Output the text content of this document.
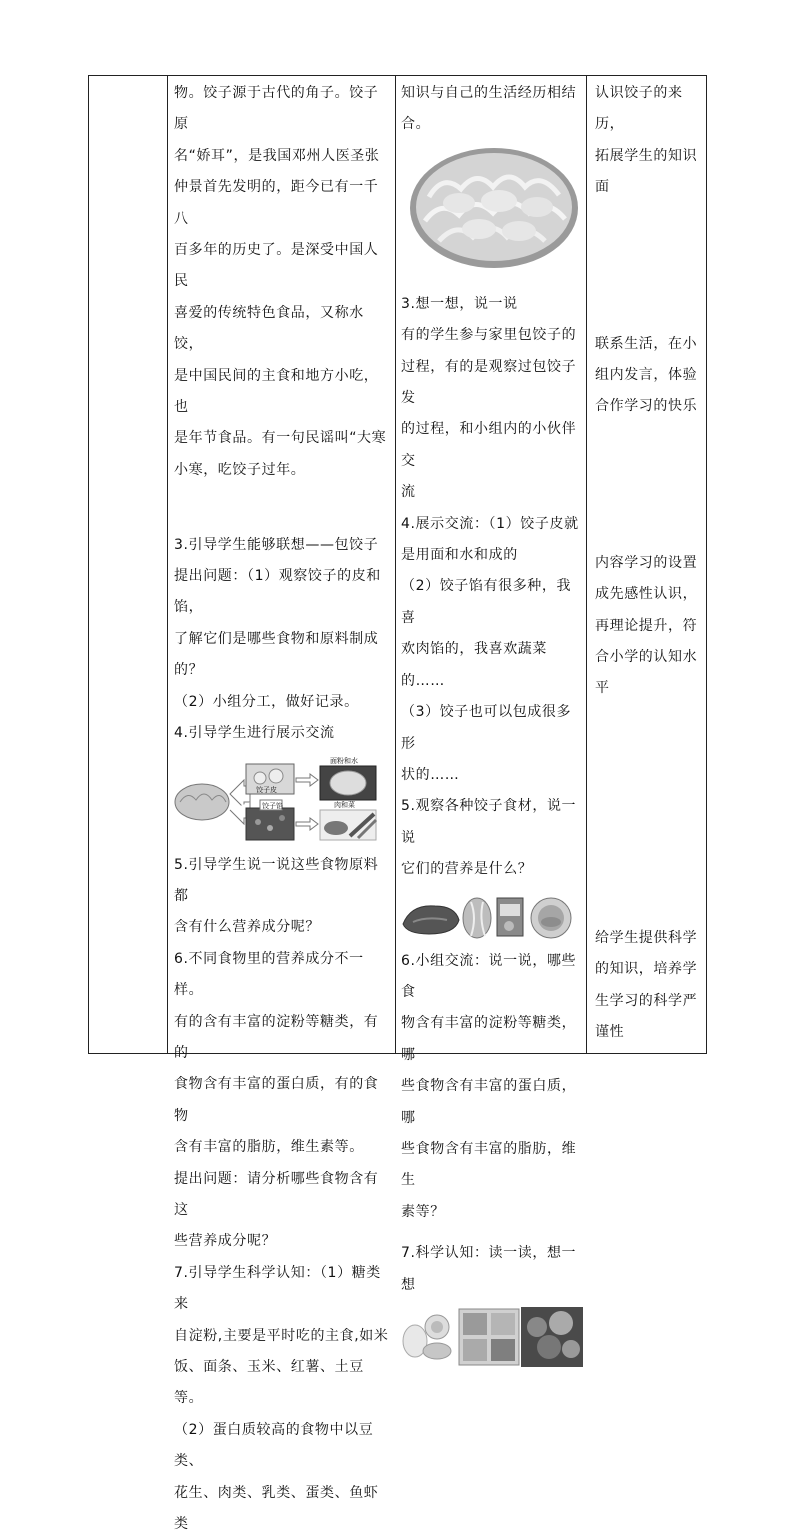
物。饺子源于古代的角子。饺子原

名“娇耳”，是我国邓州人医圣张

仲景首先发明的，距今已有一千八

百多年的历史了。是深受中国人民

喜爱的传统特色食品，又称水饺，

是中国民间的主食和地方小吃，也

是年节食品。有一句民谣叫“大寒

小寒，吃饺子过年。

3.引导学生能够联想——包饺子

提出问题：（1）观察饺子的皮和馅，

了解它们是哪些食物和原料制成

的？

（2）小组分工，做好记录。

4.引导学生进行展示交流

饺子皮
饺子馅
面粉和水
肉和菜

5.引导学生说一说这些食物原料都

含有什么营养成分呢？

6.不同食物里的营养成分不一样。

有的含有丰富的淀粉等糖类，有的

食物含有丰富的蛋白质，有的食物

含有丰富的脂肪，维生素等。

提出问题：请分析哪些食物含有这

些营养成分呢？

7.引导学生科学认知：（1）糖类来

自淀粉,主要是平时吃的主食,如米

饭、面条、玉米、红薯、土豆等。

（2）蛋白质较高的食物中以豆类、

花生、肉类、乳类、蛋类、鱼虾类

知识与自己的生活经历相结

合。

3.想一想，说一说

有的学生参与家里包饺子的

过程，有的是观察过包饺子发

的过程，和小组内的小伙伴交

流

4.展示交流：（1）饺子皮就

是用面和水和成的

（2）饺子馅有很多种，我喜

欢肉馅的，我喜欢蔬菜的……

（3）饺子也可以包成很多形

状的……

5.观察各种饺子食材，说一说

它们的营养是什么？

6.小组交流：说一说，哪些食

物含有丰富的淀粉等糖类，哪

些食物含有丰富的蛋白质，哪

些食物含有丰富的脂肪，维生

素等？

7.科学认知：读一读，想一想

认识饺子的来历，

拓展学生的知识

面

联系生活，在小

组内发言，体验

合作学习的快乐

内容学习的设置

成先感性认识，

再理论提升，符

合小学的认知水

平

给学生提供科学

的知识，培养学

生学习的科学严

谨性
